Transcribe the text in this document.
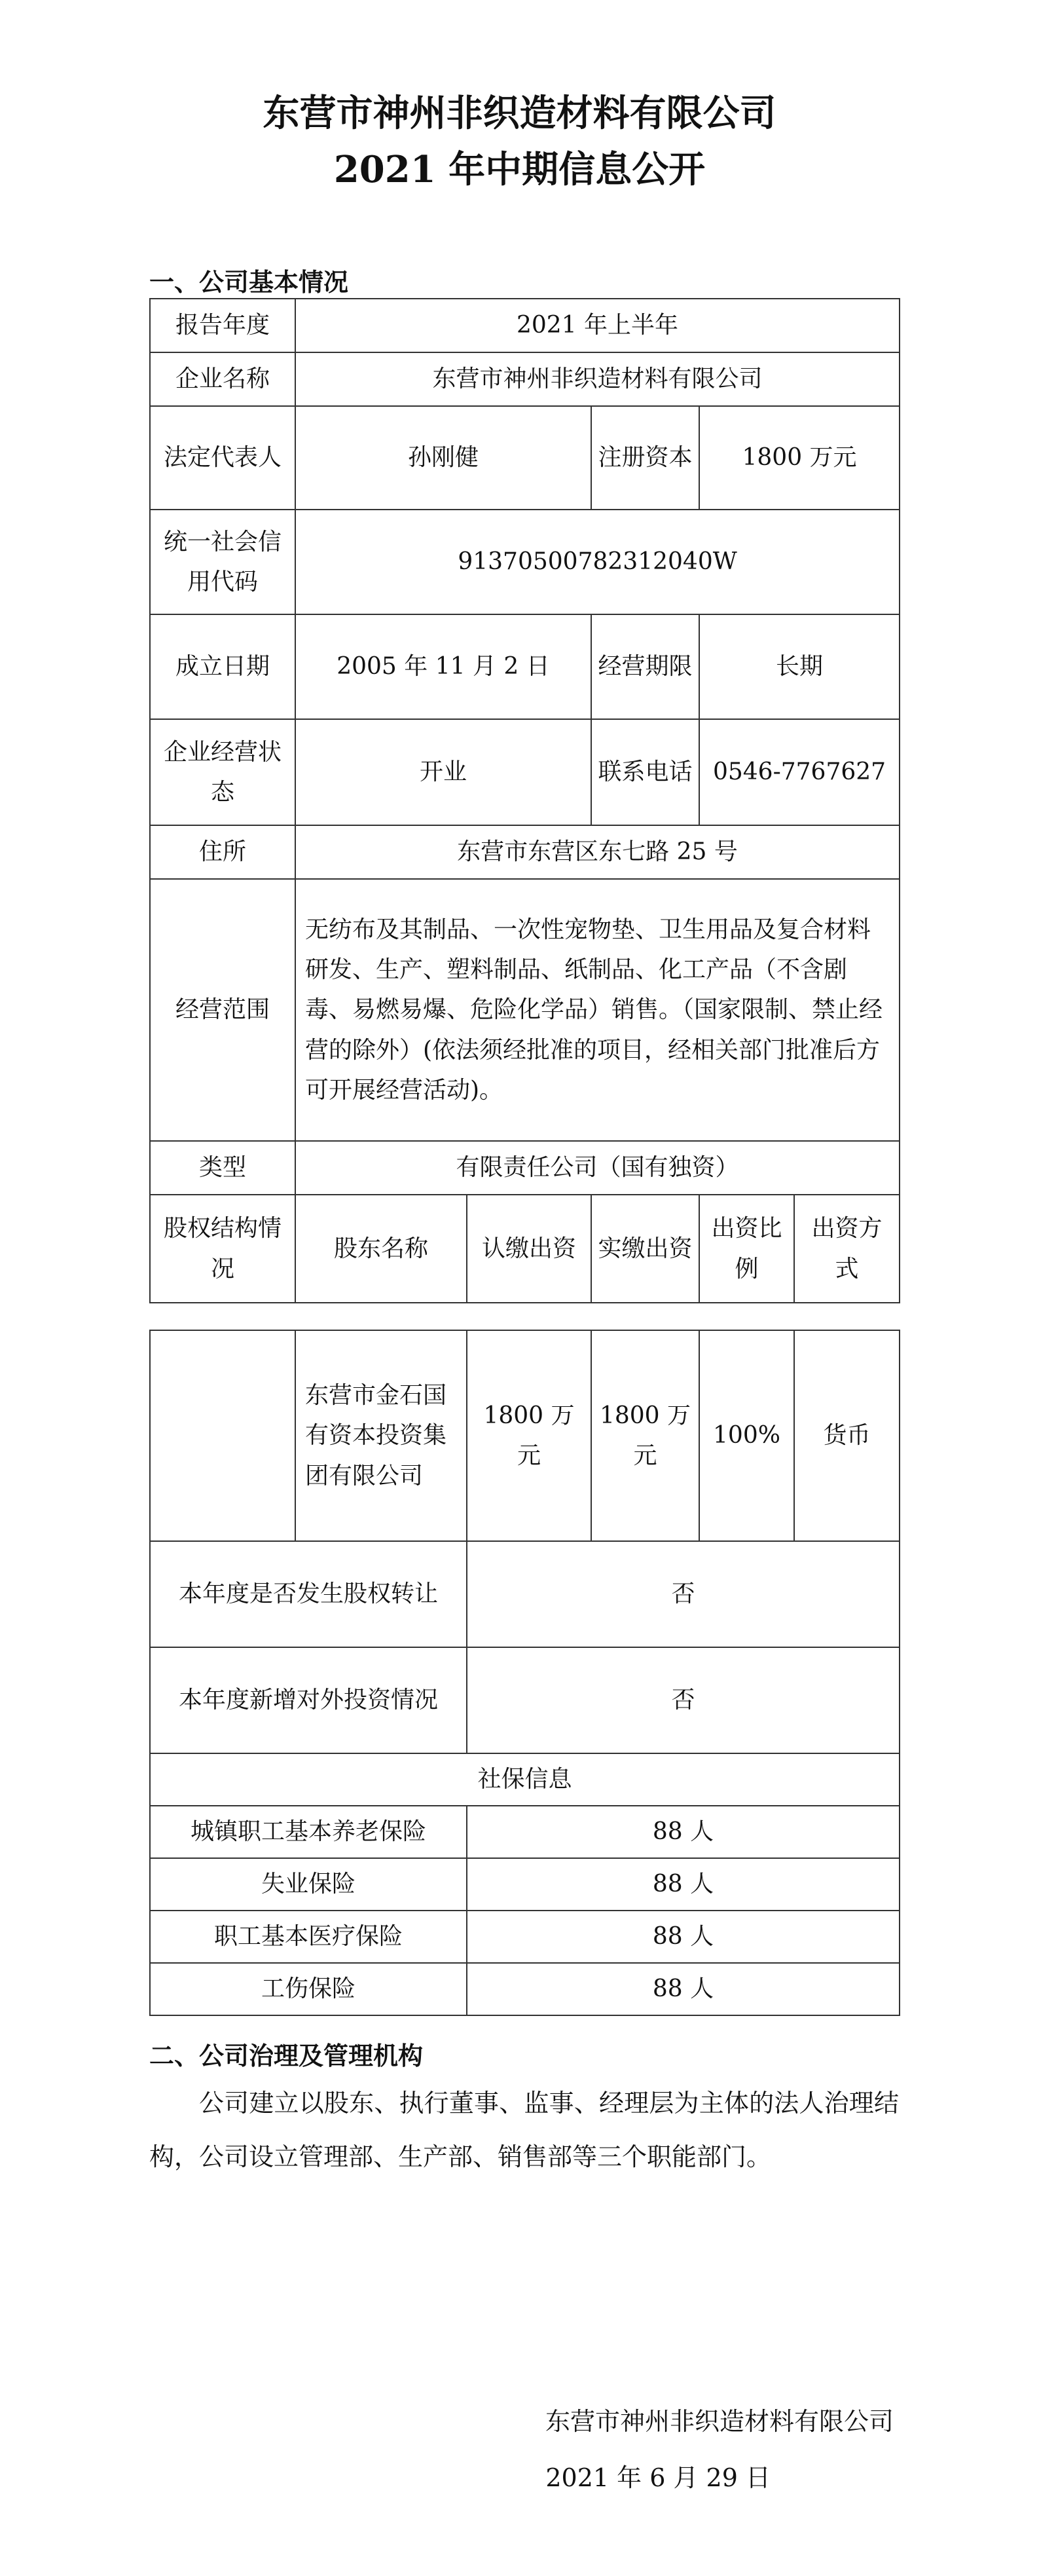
东营市神州非织造材料有限公司
2021 年中期信息公开
一、公司基本情况
报告年度	2021 年上半年				
企业名称	东营市神州非织造材料有限公司				
法定代表人	孙刚健		注册资本	1800 万元	
统一社会信用代码	91370500782312040W				
成立日期	2005 年 11 月 2 日		经营期限	长期	
企业经营状态	开业		联系电话	0546-7767627	
住所	东营市东营区东七路 25 号				
经营范围	无纺布及其制品、一次性宠物垫、卫生用品及复合材料研发、生产、塑料制品、纸制品、化工产品（不含剧毒、易燃易爆、危险化学品）销售。（国家限制、禁止经营的除外）(依法须经批准的项目，经相关部门批准后方可开展经营活动)。				
类型	有限责任公司（国有独资）				
股权结构情况	股东名称	认缴出资	实缴出资	出资比例	出资方式
	东营市金石国有资本投资集团有限公司	1800 万元	1800 万元	100%	货币
本年度是否发生股权转让		否			
本年度新增对外投资情况		否			
社保信息					
城镇职工基本养老保险		88 人			
失业保险		88 人			
职工基本医疗保险		88 人			
工伤保险		88 人			
二、公司治理及管理机构
公司建立以股东、执行董事、监事、经理层为主体的法人治理结构，公司设立管理部、生产部、销售部等三个职能部门。
东营市神州非织造材料有限公司
2021 年 6 月 29 日
